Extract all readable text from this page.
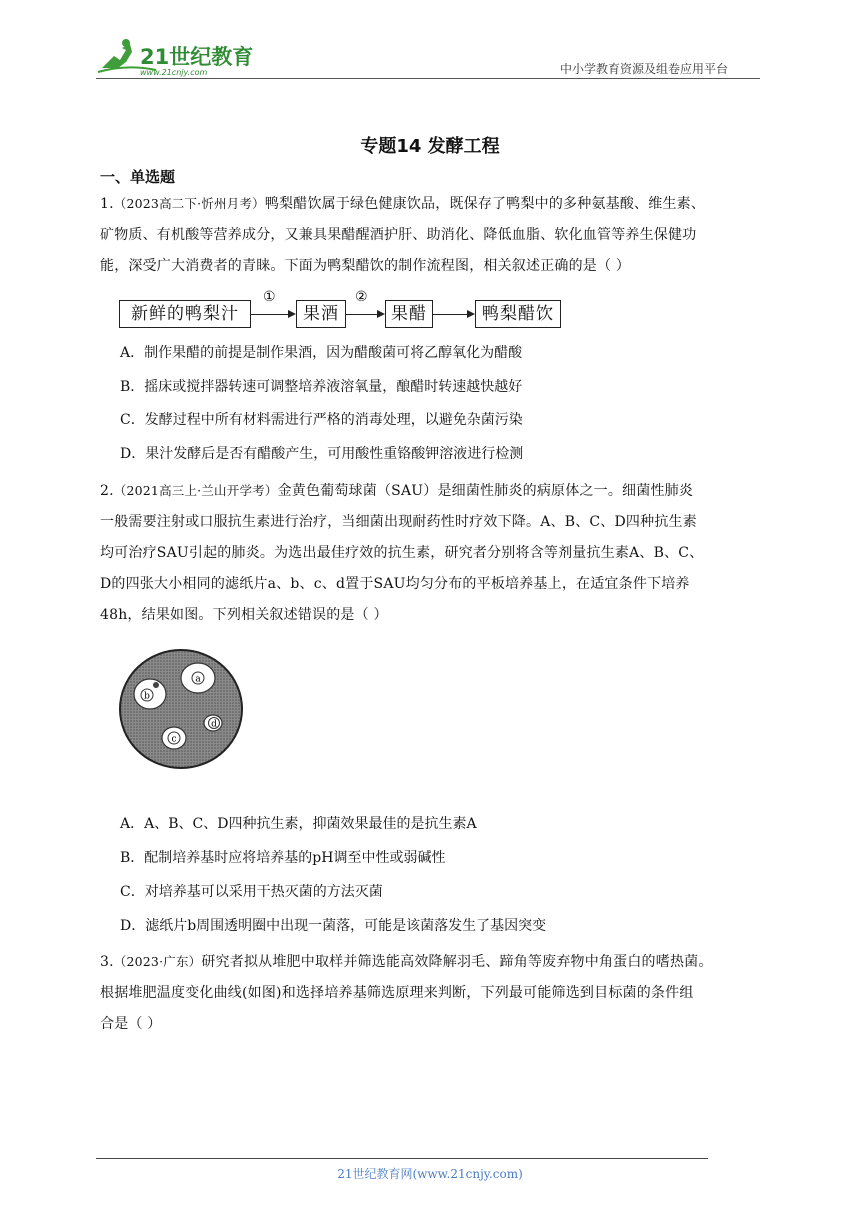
21世纪教育
www.21cnjy.com	中小学教育资源及组卷应用平台
专题14 发酵工程
一、单选题
1.（2023高二下·忻州月考）鸭梨醋饮属于绿色健康饮品，既保存了鸭梨中的多种氨基酸、维生素、
矿物质、有机酸等营养成分，又兼具果醋醒酒护肝、助消化、降低血脂、软化血管等养生保健功
能，深受广大消费者的青睐。下面为鸭梨醋饮的制作流程图，相关叙述正确的是（ ）
新鲜的鸭梨汁
①
果酒
②
果醋	鸭梨醋饮
A．制作果醋的前提是制作果酒，因为醋酸菌可将乙醇氧化为醋酸
B．摇床或搅拌器转速可调整培养液溶氧量，酿醋时转速越快越好
C．发酵过程中所有材料需进行严格的消毒处理，以避免杂菌污染
D．果汁发酵后是否有醋酸产生，可用酸性重铬酸钾溶液进行检测
2.（2021高三上·兰山开学考）金黄色葡萄球菌（SAU）是细菌性肺炎的病原体之一。细菌性肺炎
一般需要注射或口服抗生素进行治疗，当细菌出现耐药性时疗效下降。A、B、C、D四种抗生素
均可治疗SAU引起的肺炎。为选出最佳疗效的抗生素，研究者分别将含等剂量抗生素A、B、C、
D的四张大小相同的滤纸片a、b、c、d置于SAU均匀分布的平板培养基上，在适宜条件下培养
48h，结果如图。下列相关叙述错误的是（ ）
a
b
c
d
A．A、B、C、D四种抗生素，抑菌效果最佳的是抗生素A
B．配制培养基时应将培养基的pH调至中性或弱碱性
C．对培养基可以采用干热灭菌的方法灭菌
D．滤纸片b周围透明圈中出现一菌落，可能是该菌落发生了基因突变
3.（2023·广东）研究者拟从堆肥中取样并筛选能高效降解羽毛、蹄角等废弃物中角蛋白的嗜热菌。
根据堆肥温度变化曲线(如图)和选择培养基筛选原理来判断，下列最可能筛选到目标菌的条件组
合是（ ）
21世纪教育网(www.21cnjy.com)
